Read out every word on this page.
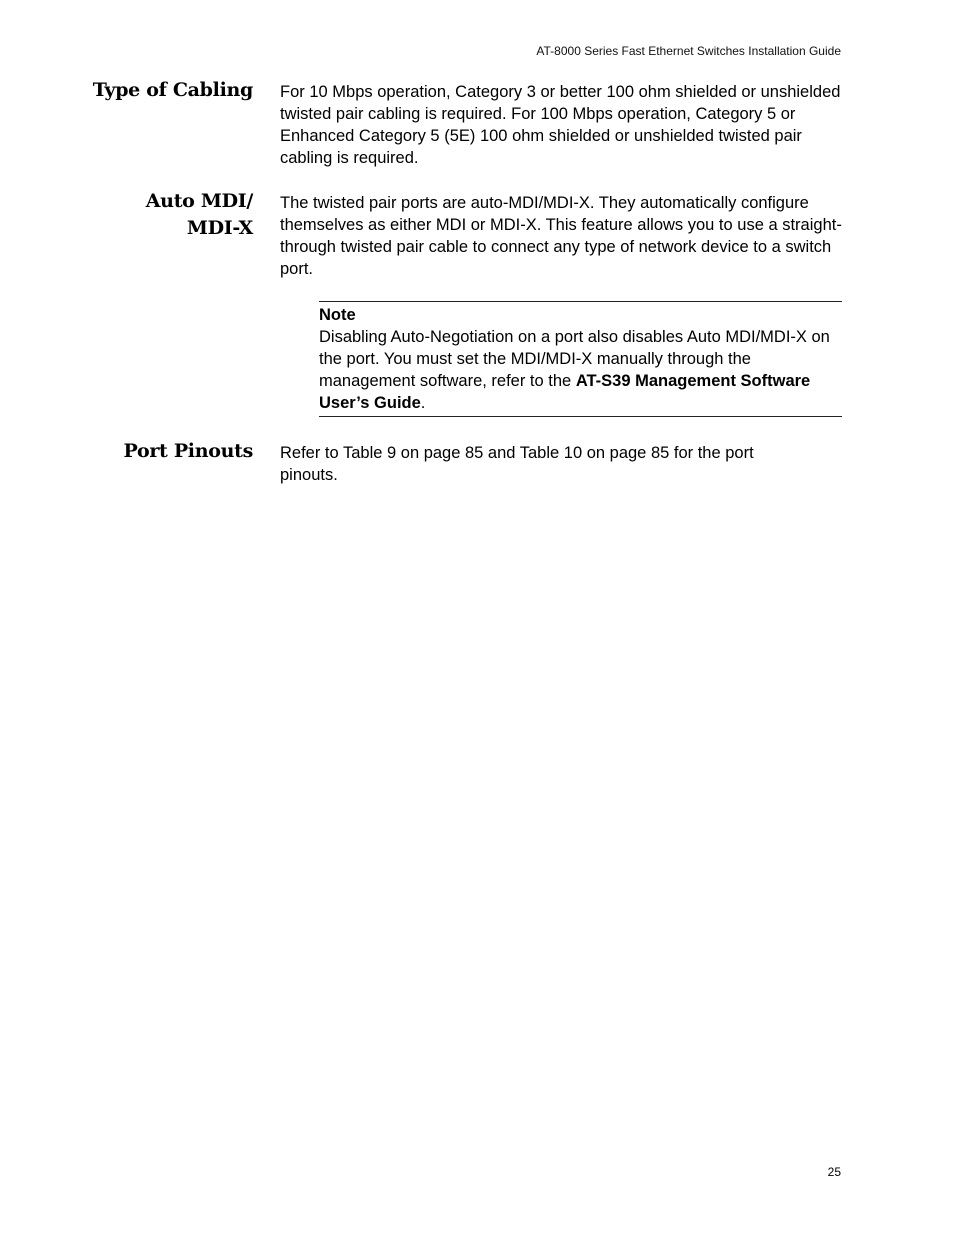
AT-8000 Series Fast Ethernet Switches Installation Guide
Type of Cabling For 10 Mbps operation, Category 3 or better 100 ohm shielded or unshielded twisted pair cabling is required. For 100 Mbps operation, Category 5 or Enhanced Category 5 (5E) 100 ohm shielded or unshielded twisted pair cabling is required.
Auto MDI/
MDI-X
The twisted pair ports are auto-MDI/MDI-X. They automatically configure themselves as either MDI or MDI-X. This feature allows you to use a straight-through twisted pair cable to connect any type of network device to a switch port.
Note
Disabling Auto-Negotiation on a port also disables Auto MDI/MDI-X on the port. You must set the MDI/MDI-X manually through the management software, refer to the AT-S39 Management Software User’s Guide.
Port Pinouts Refer to Table 9 on page 85 and Table 10 on page 85 for the port pinouts.
25
